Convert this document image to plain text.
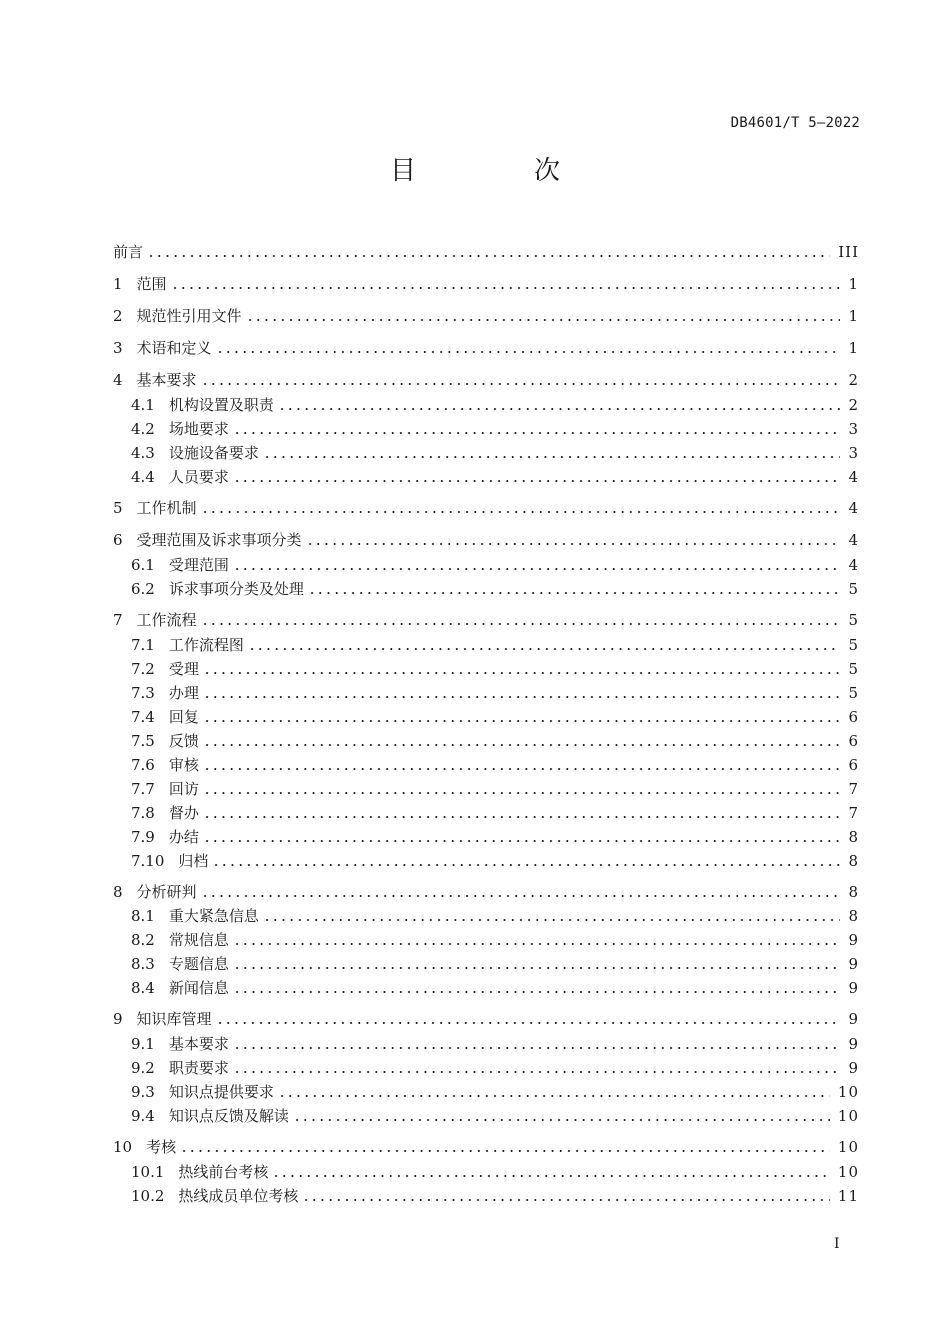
DB4601/T 5—2022
目　次
前言	III
1 范围	1
2 规范性引用文件	1
3 术语和定义	1
4 基本要求	2
4.1 机构设置及职责	2
4.2 场地要求	3
4.3 设施设备要求	3
4.4 人员要求	4
5 工作机制	4
6 受理范围及诉求事项分类	4
6.1 受理范围	4
6.2 诉求事项分类及处理	5
7 工作流程	5
7.1 工作流程图	5
7.2 受理	5
7.3 办理	5
7.4 回复	6
7.5 反馈	6
7.6 审核	6
7.7 回访	7
7.8 督办	7
7.9 办结	8
7.10 归档	8
8 分析研判	8
8.1 重大紧急信息	8
8.2 常规信息	9
8.3 专题信息	9
8.4 新闻信息	9
9 知识库管理	9
9.1 基本要求	9
9.2 职责要求	9
9.3 知识点提供要求	10
9.4 知识点反馈及解读	10
10 考核	10
10.1 热线前台考核	10
10.2 热线成员单位考核	11
I
